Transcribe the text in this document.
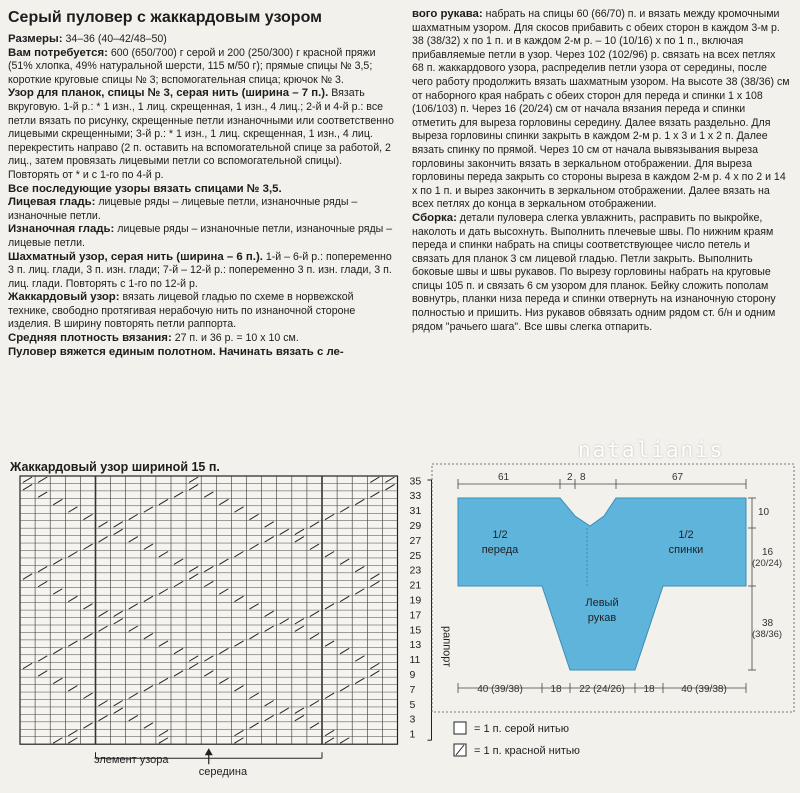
Серый пуловер с жаккардовым узором

Размеры: 34–36 (40–42/48–50)

Вам потребуется: 600 (650/700) г серой и 200 (250/300) г красной пряжи (51% хлопка, 49% натуральной шерсти, 115 м/50 г); прямые спицы № 3,5; короткие круговые спицы № 3; вспомогательная спица; крючок № 3.

Узор для планок, спицы № 3, серая нить (ширина – 7 п.). Вязать вкруговую. 1-й р.: * 1 изн., 1 лиц. скрещенная, 1 изн., 4 лиц.; 2-й и 4-й р.: все петли вязать по рисунку, скрещенные петли изнаночными или соответственно лицевыми скрещенными; 3-й р.: * 1 изн., 1 лиц. скрещенная, 1 изн., 4 лиц. перекрестить направо (2 п. оставить на вспомогательной спице за работой, 2 лиц., затем провязать лицевыми петли со вспомогательной спицы). Повторять от * и с 1-го по 4-й р.

Все последующие узоры вязать спицами № 3,5.

Лицевая гладь: лицевые ряды – лицевые петли, изнаночные ряды – изнаночные петли.

Изнаночная гладь: лицевые ряды – изнаночные петли, изнаночные ряды – лицевые петли.

Шахматный узор, серая нить (ширина – 6 п.). 1-й – 6-й р.: попеременно 3 п. лиц. глади, 3 п. изн. глади; 7-й – 12-й р.: попеременно 3 п. изн. глади, 3 п. лиц. глади. Повторять с 1-го по 12-й р.

Жаккардовый узор: вязать лицевой гладью по схеме в норвежской технике, свободно протягивая нерабочую нить по изнаночной стороне изделия. В ширину повторять петли раппорта.

Средняя плотность вязания: 27 п. и 36 р. = 10 х 10 см.

Пуловер вяжется единым полотном. Начинать вязать с ле-

вого рукава: набрать на спицы 60 (66/70) п. и вязать между кромочными шахматным узором. Для скосов прибавить с обеих сторон в каждом 3-м р. 38 (38/32) х по 1 п. и в каждом 2-м р. – 10 (10/16) х по 1 п., включая прибавляемые петли в узор. Через 102 (102/96) р. связать на всех петлях 68 п. жаккардового узора, распределив петли узора от середины, после чего работу продолжить вязать шахматным узором. На высоте 38 (38/36) см от наборного края набрать с обеих сторон для переда и спинки 1 х 108 (106/103) п. Через 16 (20/24) см от начала вязания переда и спинки отметить для выреза горловины середину. Далее вязать раздельно. Для выреза горловины спинки закрыть в каждом 2-м р. 1 х 3 и 1 х 2 п. Далее вязать спинку по прямой. Через 10 см от начала вывязывания выреза горловины закончить вязать в зеркальном отображении. Для выреза горловины переда закрыть со стороны выреза в каждом 2-м р. 4 х по 2 и 14 х по 1 п. и вырез закончить в зеркальном отображении. Далее вязать на всех петлях до конца в зеркальном отображении.

Сборка: детали пуловера слегка увлажнить, расправить по выкройке, наколоть и дать высохнуть. Выполнить плечевые швы. По нижним краям переда и спинки набрать на спицы соответствующее число петель и связать для планок 3 см лицевой гладью. Петли закрыть. Выполнить боковые швы и швы рукавов. По вырезу горловины набрать на круговые спицы 105 п. и связать 6 см узором для планок. Бейку сложить пополам вовнутрь, планки низа переда и спинки отвернуть на изнаночную сторону полностью и пришить. Низ рукавов обвязать одним рядом ст. б/н и одним рядом "рачьего шага". Все швы слегка отпарить.

natalianis
Жаккардовый узор шириной 15 п.
35
33
31
29
27
25
23
21
19
17
15
13
11
9
7
5
3
1
раппорт
элемент узора
середина
61	8
2	67
10
16
(20/24)
38
(38/36)
1/2
переда
1/2
спинки
Левый
рукав
40 (39/38)	18 22 (24/26) 18	40 (39/38)
= 1 п. серой нитью
= 1 п. красной нитью
